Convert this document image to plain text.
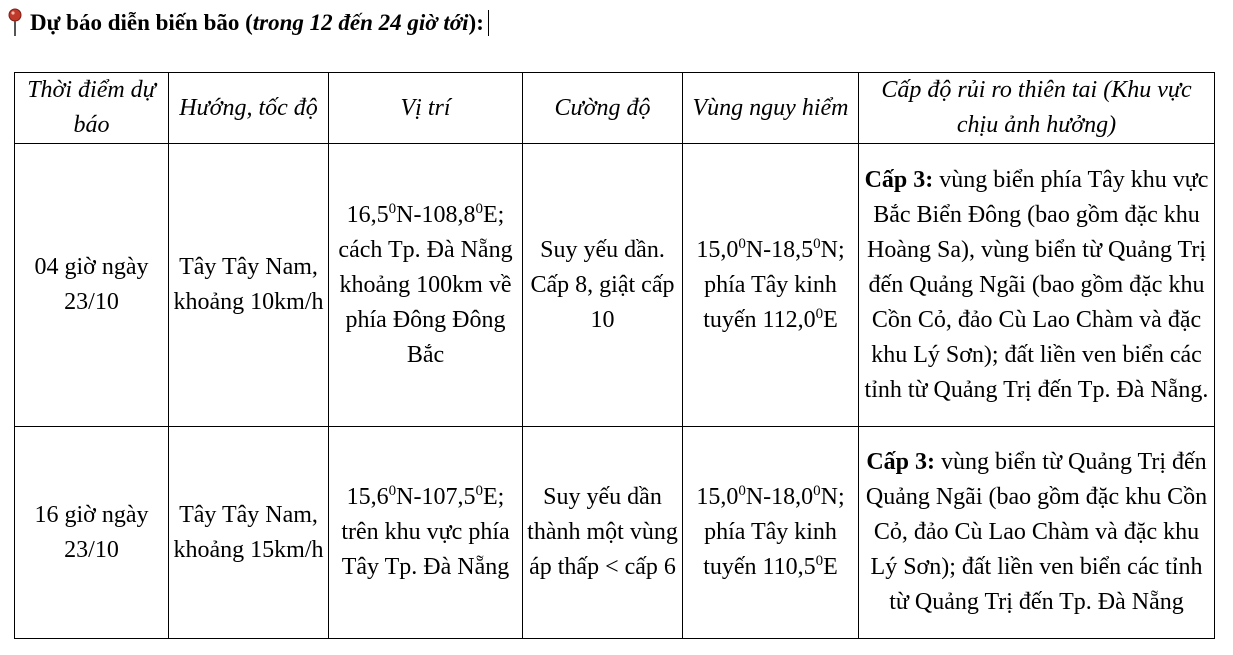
Dự báo diễn biến bão ( trong 12 đến 24 giờ tới ):
Thời điểm dự báo	Hướng, tốc độ	Vị trí	Cường độ	Vùng nguy hiểm	Cấp độ rủi ro thiên tai (Khu vực chịu ảnh hưởng)
04 giờ ngày 23/10	Tây Tây Nam, khoảng 10km/h	16,5$^0$N-108,8$^0$E; cách Tp. Đà Nẵng khoảng 100km về phía Đông Đông Bắc	Suy yếu dần. Cấp 8, giật cấp 10	15,0$^0$N-18,5$^0$N; phía Tây kinh tuyến 112,0$^0$E	Cấp 3: vùng biển phía Tây khu vực Bắc Biển Đông (bao gồm đặc khu Hoàng Sa), vùng biển từ Quảng Trị đến Quảng Ngãi (bao gồm đặc khu Cồn Cỏ, đảo Cù Lao Chàm và đặc khu Lý Sơn); đất liền ven biển các tỉnh từ Quảng Trị đến Tp. Đà Nẵng.
16 giờ ngày 23/10	Tây Tây Nam, khoảng 15km/h	15,6$^0$N-107,5$^0$E; trên khu vực phía Tây Tp. Đà Nẵng	Suy yếu dần thành một vùng áp thấp < cấp 6	15,0$^0$N-18,0$^0$N; phía Tây kinh tuyến 110,5$^0$E	Cấp 3: vùng biển từ Quảng Trị đến Quảng Ngãi (bao gồm đặc khu Cồn Cỏ, đảo Cù Lao Chàm và đặc khu Lý Sơn); đất liền ven biển các tỉnh từ Quảng Trị đến Tp. Đà Nẵng
